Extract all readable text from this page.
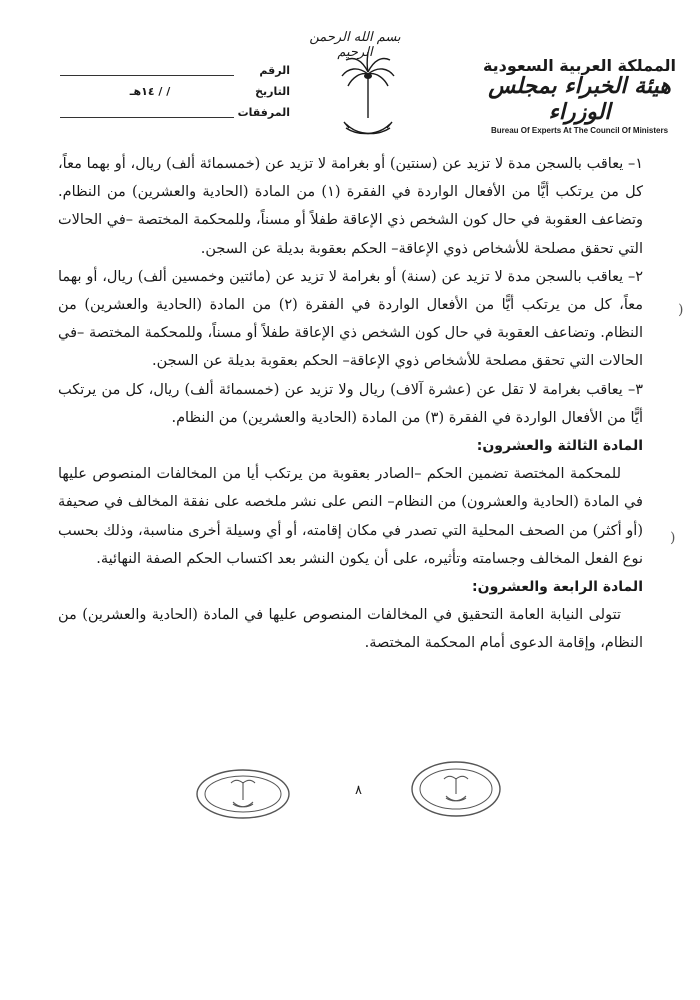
المملكة العربية السعودية
هيئة الخبراء بمجلس الوزراء
Bureau Of Experts At The Council Of Ministers
بسم الله الرحمن الرحيم
الرقم
التاريخ
/ / ١٤هـ
المرفقات

١– يعاقب بالسجن مدة لا تزيد عن (سنتين) أو بغرامة لا تزيد عن (خمسمائة ألف) ريال، أو بهما معاً، كل من يرتكب أيًّا من الأفعال الواردة في الفقرة (١) من المادة (الحادية والعشرين) من النظام. وتضاعف العقوبة في حال كون الشخص ذي الإعاقة طفلاً أو مسناً، وللمحكمة المختصة –في الحالات التي تحقق مصلحة للأشخاص ذوي الإعاقة– الحكم بعقوبة بديلة عن السجن.

٢– يعاقب بالسجن مدة لا تزيد عن (سنة) أو بغرامة لا تزيد عن (مائتين وخمسين ألف) ريال، أو بهما معاً، كل من يرتكب أيًّا من الأفعال الواردة في الفقرة (٢) من المادة (الحادية والعشرين) من النظام. وتضاعف العقوبة في حال كون الشخص ذي الإعاقة طفلاً أو مسناً، وللمحكمة المختصة –في الحالات التي تحقق مصلحة للأشخاص ذوي الإعاقة– الحكم بعقوبة بديلة عن السجن.

٣– يعاقب بغرامة لا تقل عن (عشرة آلاف) ريال ولا تزيد عن (خمسمائة ألف) ريال، كل من يرتكب أيًّا من الأفعال الواردة في الفقرة (٣) من المادة (الحادية والعشرين) من النظام.

المادة الثالثة والعشرون:

للمحكمة المختصة تضمين الحكم –الصادر بعقوبة من يرتكب أيا من المخالفات المنصوص عليها في المادة (الحادية والعشرون) من النظام– النص على نشر ملخصه على نفقة المخالف في صحيفة (أو أكثر) من الصحف المحلية التي تصدر في مكان إقامته، أو أي وسيلة أخرى مناسبة، وذلك بحسب نوع الفعل المخالف وجسامته وتأثيره، على أن يكون النشر بعد اكتساب الحكم الصفة النهائية.

المادة الرابعة والعشرون:

تتولى النيابة العامة التحقيق في المخالفات المنصوص عليها في المادة (الحادية والعشرين) من النظام، وإقامة الدعوى أمام المحكمة المختصة.

)
)
٨
